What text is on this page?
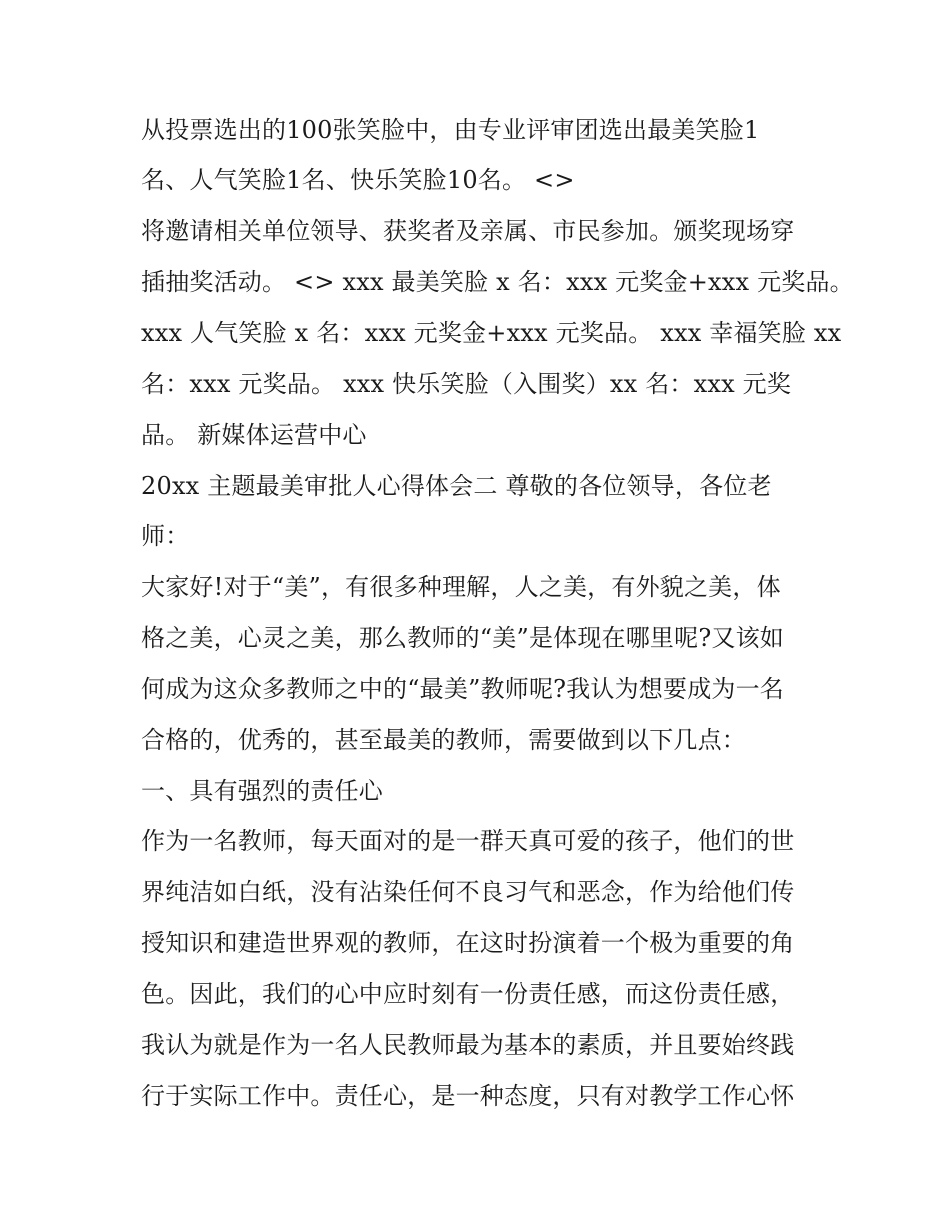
从投票选出的100张笑脸中，由专业评审团选出最美笑脸1
名、人气笑脸1名、快乐笑脸10名。 <>
将邀请相关单位领导、获奖者及亲属、市民参加。颁奖现场穿
插抽奖活动。 <> xxx 最美笑脸 x 名：xxx 元奖金+xxx 元奖品。
xxx 人气笑脸 x 名：xxx 元奖金+xxx 元奖品。 xxx 幸福笑脸 xx
名：xxx 元奖品。 xxx 快乐笑脸（入围奖）xx 名：xxx 元奖
品。 新媒体运营中心
20xx 主题最美审批人心得体会二 尊敬的各位领导，各位老
师：
大家好!对于“美”，有很多种理解，人之美，有外貌之美，体
格之美，心灵之美，那么教师的“美”是体现在哪里呢?又该如
何成为这众多教师之中的“最美”教师呢?我认为想要成为一名
合格的，优秀的，甚至最美的教师，需要做到以下几点：
一、具有强烈的责任心
作为一名教师，每天面对的是一群天真可爱的孩子，他们的世
界纯洁如白纸，没有沾染任何不良习气和恶念，作为给他们传
授知识和建造世界观的教师，在这时扮演着一个极为重要的角
色。因此，我们的心中应时刻有一份责任感，而这份责任感，
我认为就是作为一名人民教师最为基本的素质，并且要始终践
行于实际工作中。责任心，是一种态度，只有对教学工作心怀
